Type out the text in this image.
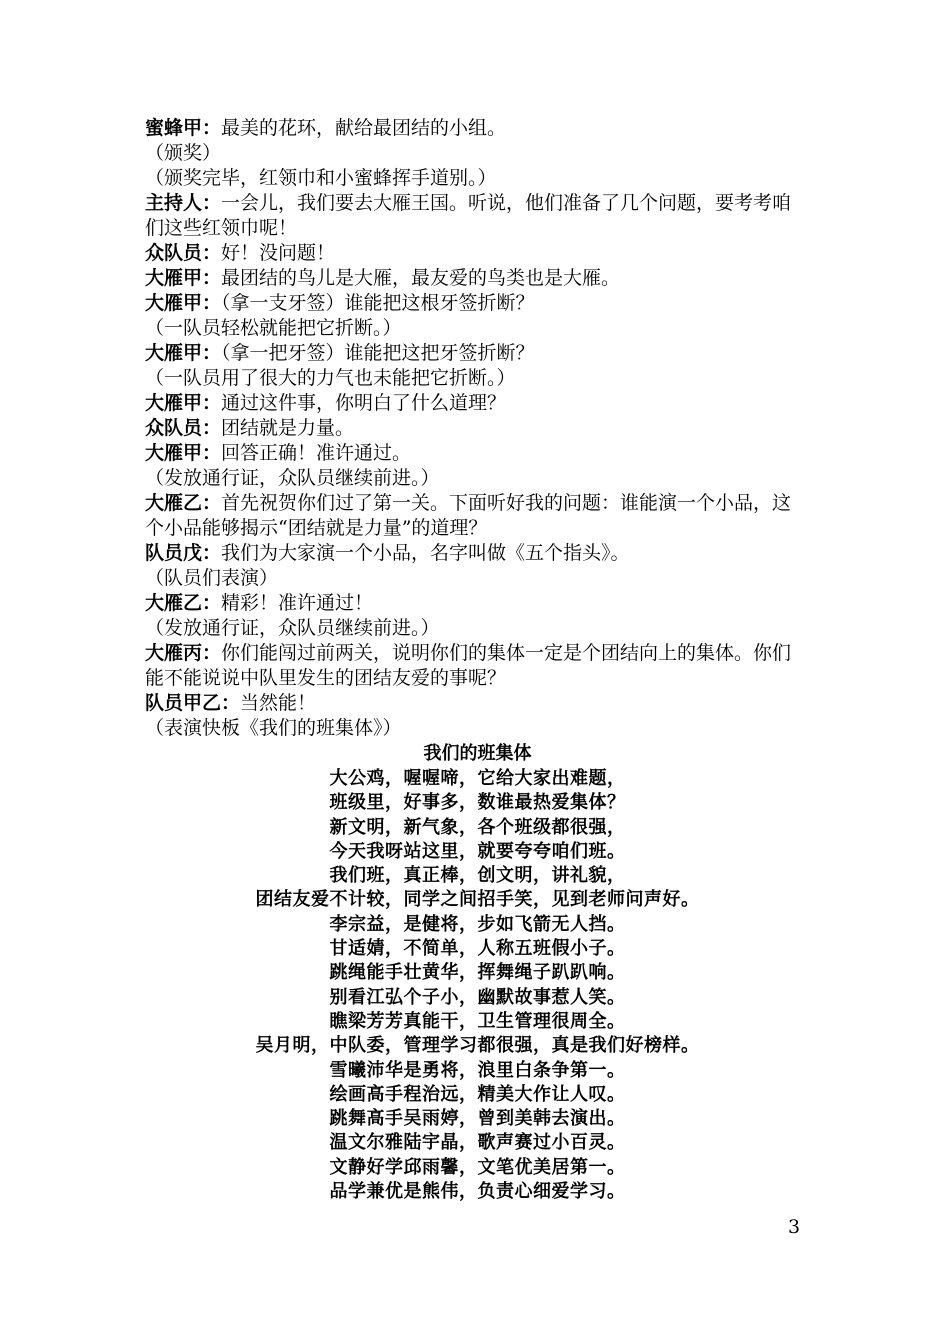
蜜蜂甲：最美的花环，献给最团结的小组。
（颁奖）
（颁奖完毕，红领巾和小蜜蜂挥手道别。）
主持人：一会儿，我们要去大雁王国。听说，他们准备了几个问题，要考考咱们这些红领巾呢！
众队员：好！没问题！
大雁甲：最团结的鸟儿是大雁，最友爱的鸟类也是大雁。
大雁甲：（拿一支牙签）谁能把这根牙签折断？
（一队员轻松就能把它折断。）
大雁甲：（拿一把牙签）谁能把这把牙签折断？
（一队员用了很大的力气也未能把它折断。）
大雁甲：通过这件事，你明白了什么道理？
众队员：团结就是力量。
大雁甲：回答正确！准许通过。
（发放通行证，众队员继续前进。）
大雁乙：首先祝贺你们过了第一关。下面听好我的问题：谁能演一个小品，这个小品能够揭示“团结就是力量”的道理？
队员戊：我们为大家演一个小品，名字叫做《五个指头》。
（队员们表演）
大雁乙：精彩！准许通过！
（发放通行证，众队员继续前进。）
大雁丙：你们能闯过前两关，说明你们的集体一定是个团结向上的集体。你们能不能说说中队里发生的团结友爱的事呢？
队员甲乙：当然能！
（表演快板《我们的班集体》）
我们的班集体
大公鸡，喔喔啼，它给大家出难题，
班级里，好事多，数谁最热爱集体？
新文明，新气象，各个班级都很强，
今天我呀站这里，就要夸夸咱们班。
我们班，真正棒，创文明，讲礼貌，
团结友爱不计较，同学之间招手笑，见到老师问声好。
李宗益，是健将，步如飞箭无人挡。
甘适婧，不简单，人称五班假小子。
跳绳能手壮黄华，挥舞绳子趴趴响。
别看江弘个子小，幽默故事惹人笑。
瞧梁芳芳真能干，卫生管理很周全。
吴月明，中队委，管理学习都很强，真是我们好榜样。
雪曦沛华是勇将，浪里白条争第一。
绘画高手程治远，精美大作让人叹。
跳舞高手吴雨婷，曾到美韩去演出。
温文尔雅陆宇晶，歌声赛过小百灵。
文静好学邱雨馨，文笔优美居第一。
品学兼优是熊伟，负责心细爱学习。
3
